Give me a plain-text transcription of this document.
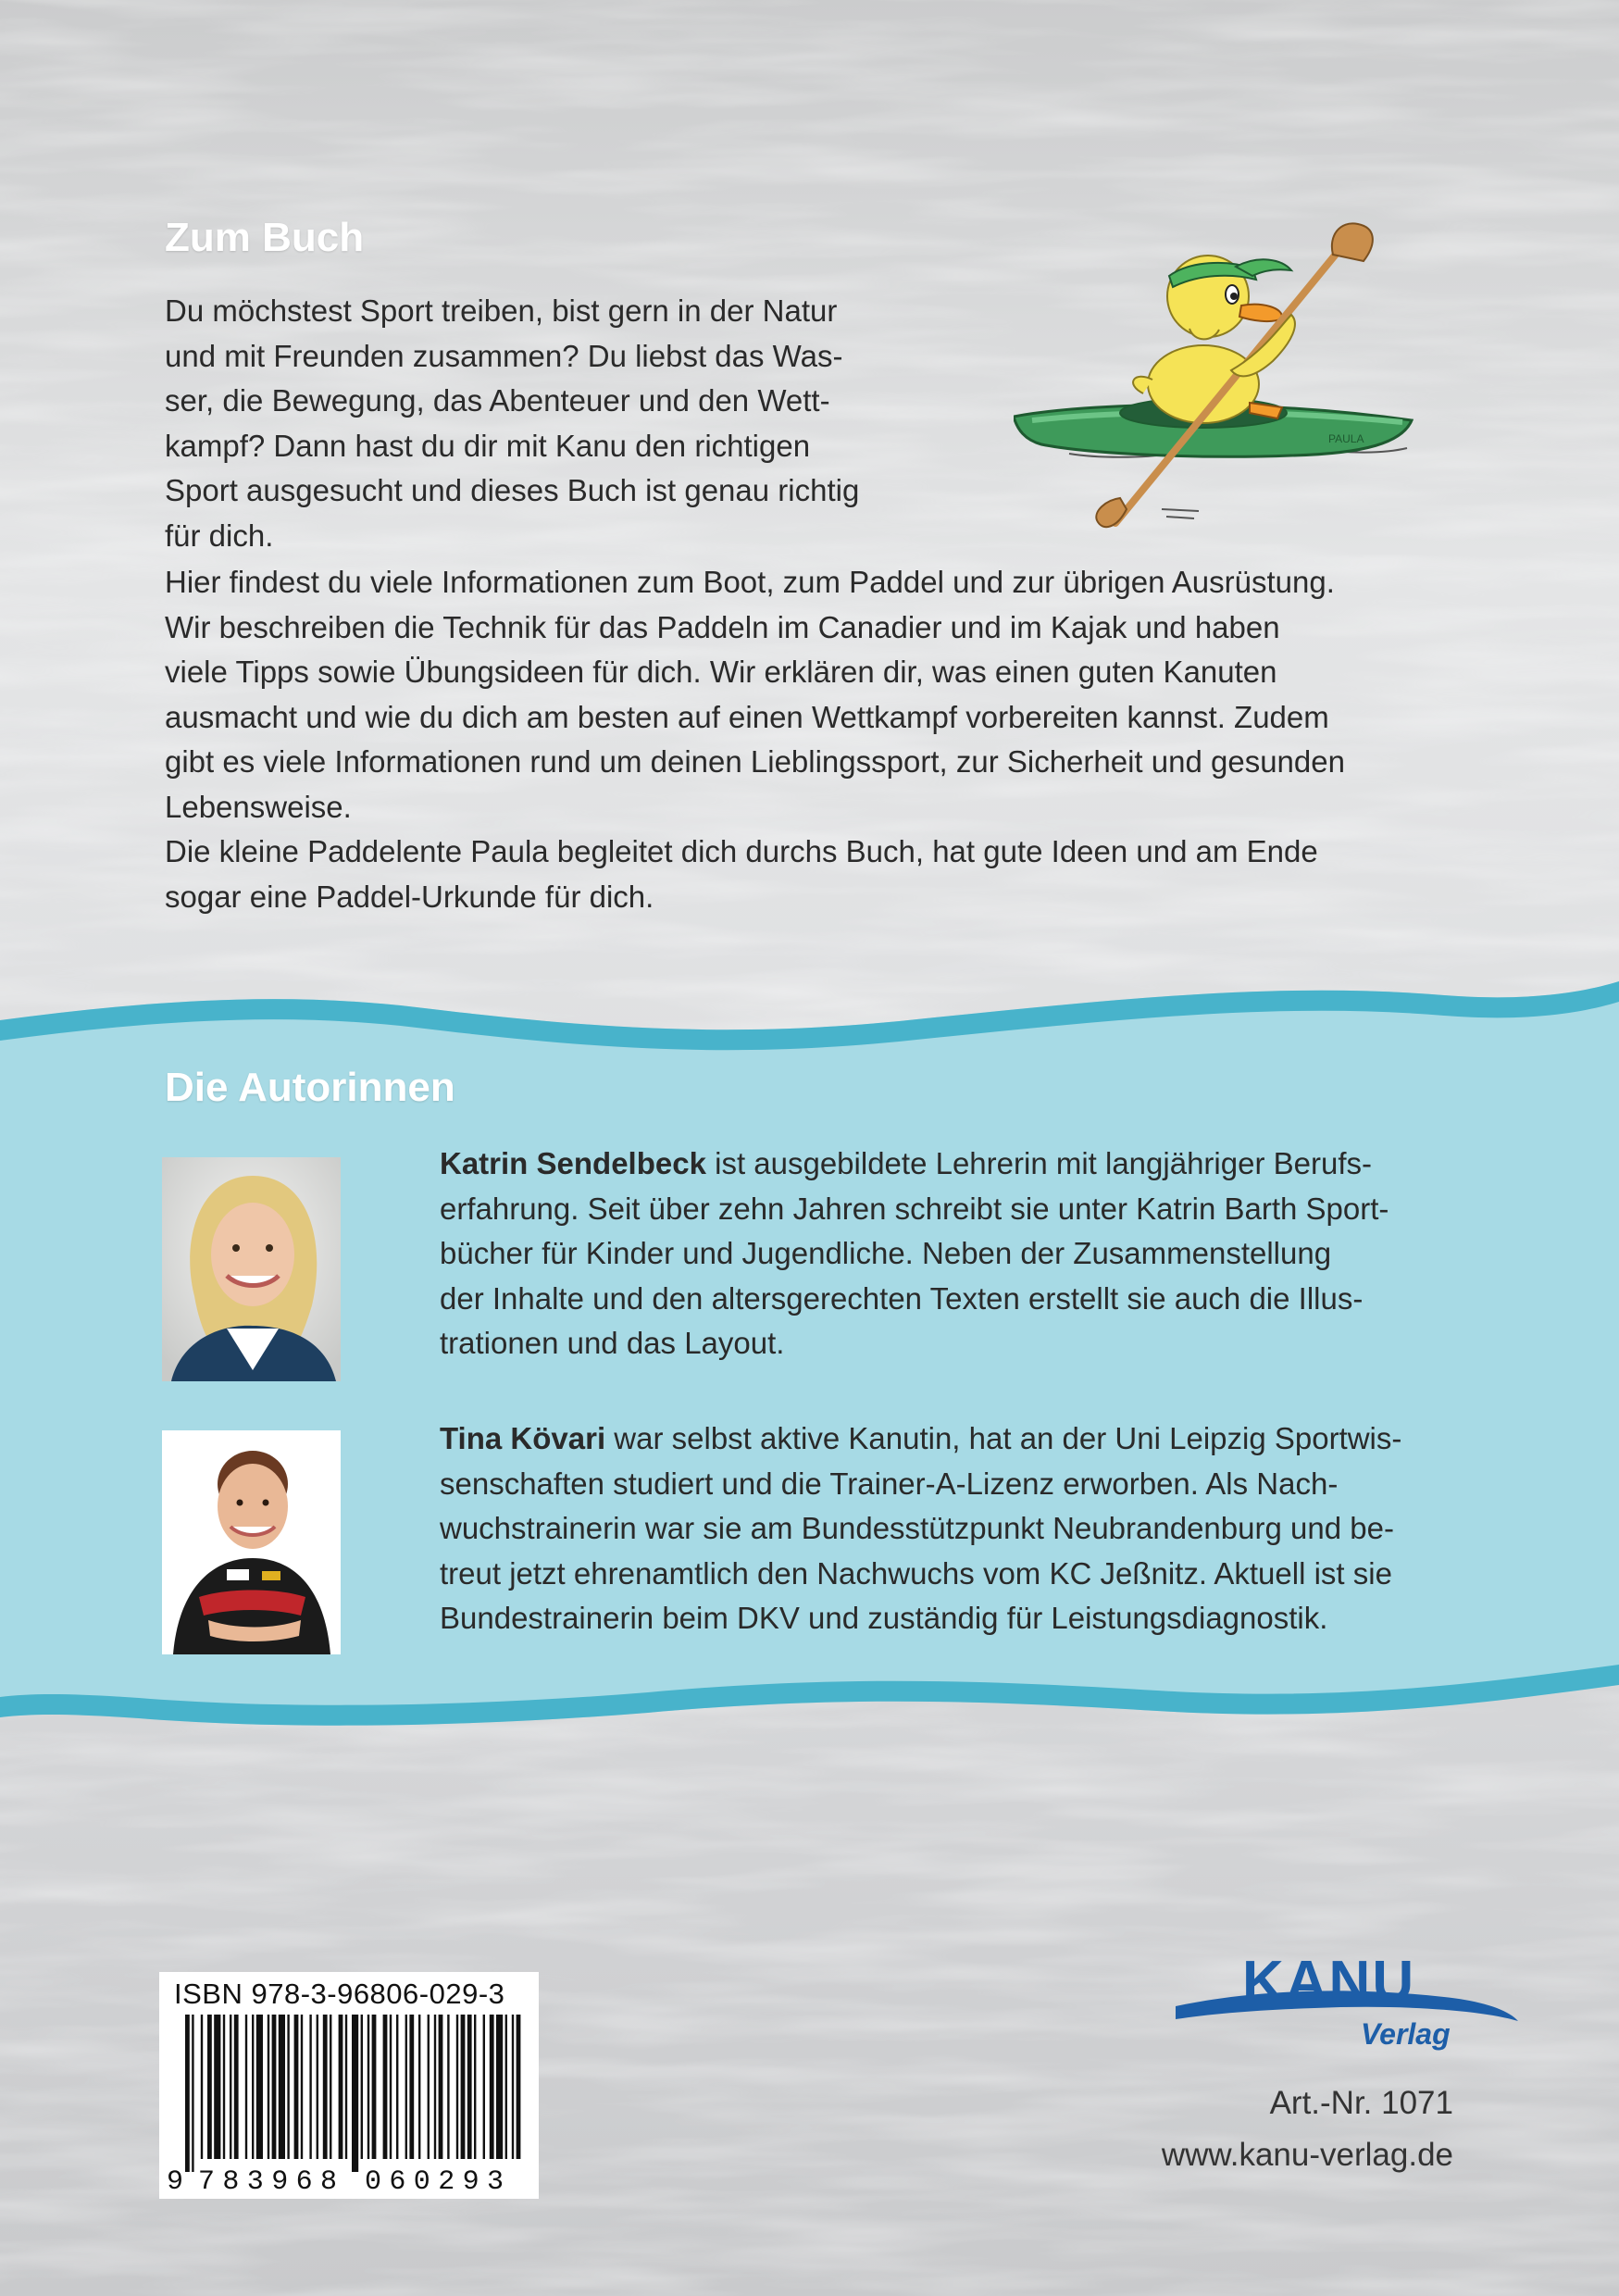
Zum Buch

Du möchstest Sport treiben, bist gern in der Natur

und mit Freunden zusammen? Du liebst das Was-

ser, die Bewegung, das Abenteuer und den Wett-

kampf? Dann hast du dir mit Kanu den richtigen

Sport ausgesucht und dieses Buch ist genau richtig

für dich.

Hier findest du viele Informationen zum Boot, zum Paddel und zur übrigen Ausrüstung.

Wir beschreiben die Technik für das Paddeln im Canadier und im Kajak und haben

viele Tipps sowie Übungsideen für dich. Wir erklären dir, was einen guten Kanuten

ausmacht und wie du dich am besten auf einen Wettkampf vorbereiten kannst. Zudem

gibt es viele Informationen rund um deinen Lieblingssport, zur Sicherheit und gesunden

Lebensweise.

Die kleine Paddelente Paula begleitet dich durchs Buch, hat gute Ideen und am Ende

sogar eine Paddel-Urkunde für dich.

PAULA
Die Autorinnen

Katrin Sendelbeck ist ausgebildete Lehrerin mit langjähriger Berufs-

erfahrung. Seit über zehn Jahren schreibt sie unter Katrin Barth Sport-

bücher für Kinder und Jugendliche. Neben der Zusammenstellung

der Inhalte und den altersgerechten Texten erstellt sie auch die Illus-

trationen und das Layout.

Tina Kövari war selbst aktive Kanutin, hat an der Uni Leipzig Sportwis-

senschaften studiert und die Trainer-A-Lizenz erworben. Als Nach-

wuchstrainerin war sie am Bundesstützpunkt Neubrandenburg und be-

treut jetzt ehrenamtlich den Nachwuchs vom KC Jeßnitz. Aktuell ist sie

Bundestrainerin beim DKV und zuständig für Leistungsdiagnostik.

ISBN 978-3-96806-029-3
9 783968 060293
KANU
Verlag
Art.-Nr. 1071
www.kanu-verlag.de
